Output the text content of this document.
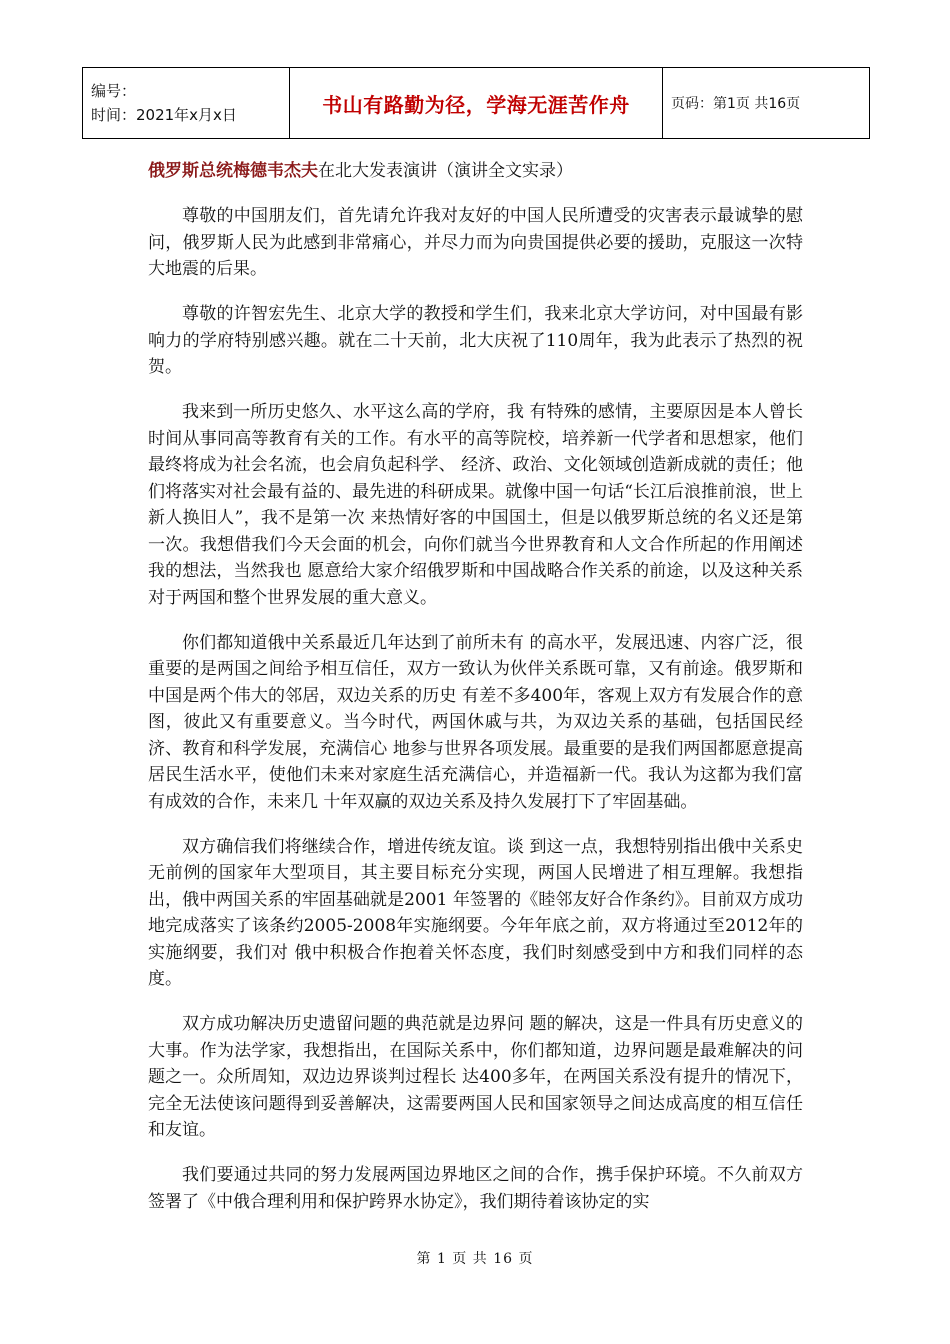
编号：
时间：2021年x月x日	书山有路勤为径，学海无涯苦作舟	页码：第1页 共16页
俄罗斯总统梅德韦杰夫在北大发表演讲（演讲全文实录）

尊敬的中国朋友们，首先请允许我对友好的中国人民所遭受的灾害表示最诚挚的慰问，俄罗斯人民为此感到非常痛心，并尽力而为向贵国提供必要的援助，克服这一次特大地震的后果。

尊敬的许智宏先生、北京大学的教授和学生们，我来北京大学访问，对中国最有影响力的学府特别感兴趣。就在二十天前，北大庆祝了110周年，我为此表示了热烈的祝贺。

我来到一所历史悠久、水平这么高的学府，我 有特殊的感情，主要原因是本人曾长时间从事同高等教育有关的工作。有水平的高等院校，培养新一代学者和思想家，他们最终将成为社会名流，也会肩负起科学、 经济、政治、文化领域创造新成就的责任；他们将落实对社会最有益的、最先进的科研成果。就像中国一句话“长江后浪推前浪，世上新人换旧人”，我不是第一次 来热情好客的中国国土，但是以俄罗斯总统的名义还是第一次。我想借我们今天会面的机会，向你们就当今世界教育和人文合作所起的作用阐述我的想法，当然我也 愿意给大家介绍俄罗斯和中国战略合作关系的前途，以及这种关系对于两国和整个世界发展的重大意义。

你们都知道俄中关系最近几年达到了前所未有 的高水平，发展迅速、内容广泛，很重要的是两国之间给予相互信任，双方一致认为伙伴关系既可靠，又有前途。俄罗斯和中国是两个伟大的邻居，双边关系的历史 有差不多400年，客观上双方有发展合作的意图，彼此又有重要意义。当今时代，两国休戚与共，为双边关系的基础，包括国民经济、教育和科学发展，充满信心 地参与世界各项发展。最重要的是我们两国都愿意提高居民生活水平，使他们未来对家庭生活充满信心，并造福新一代。我认为这都为我们富有成效的合作，未来几 十年双赢的双边关系及持久发展打下了牢固基础。

双方确信我们将继续合作，增进传统友谊。谈 到这一点，我想特别指出俄中关系史无前例的国家年大型项目，其主要目标充分实现，两国人民增进了相互理解。我想指出，俄中两国关系的牢固基础就是2001 年签署的《睦邻友好合作条约》。目前双方成功地完成落实了该条约2005-2008年实施纲要。今年年底之前，双方将通过至2012年的实施纲要，我们对 俄中积极合作抱着关怀态度，我们时刻感受到中方和我们同样的态度。

双方成功解决历史遗留问题的典范就是边界问 题的解决，这是一件具有历史意义的大事。作为法学家，我想指出，在国际关系中，你们都知道，边界问题是最难解决的问题之一。众所周知，双边边界谈判过程长 达400多年，在两国关系没有提升的情况下，完全无法使该问题得到妥善解决，这需要两国人民和国家领导之间达成高度的相互信任和友谊。

我们要通过共同的努力发展两国边界地区之间的合作，携手保护环境。不久前双方签署了《中俄合理利用和保护跨界水协定》，我们期待着该协定的实

第 1 页 共 16 页
